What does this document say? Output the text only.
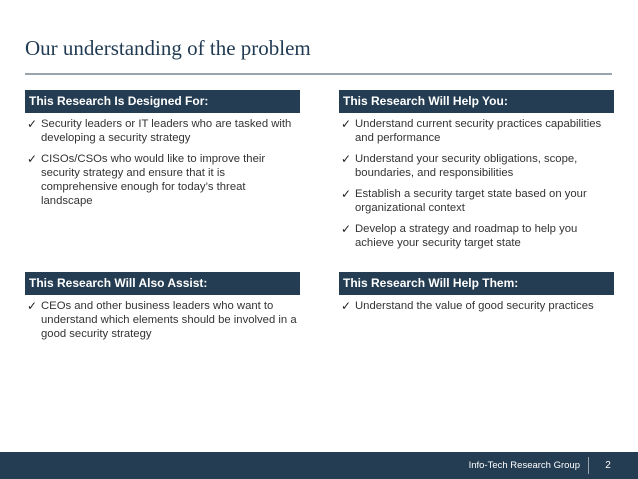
Our understanding of the problem
This Research Is Designed For:
✓ Security leaders or IT leaders who are tasked with developing a security strategy
✓ CISOs/CSOs who would like to improve their security strategy and ensure that it is comprehensive enough for today’s threat landscape
This Research Will Help You:
✓ Understand current security practices capabilities and performance
✓ Understand your security obligations, scope, boundaries, and responsibilities
✓ Establish a security target state based on your organizational context
✓ Develop a strategy and roadmap to help you achieve your security target state
This Research Will Also Assist:
✓ CEOs and other business leaders who want to understand which elements should be involved in a good security strategy
This Research Will Help Them:
✓ Understand the value of good security practices
Info-Tech Research Group	2
